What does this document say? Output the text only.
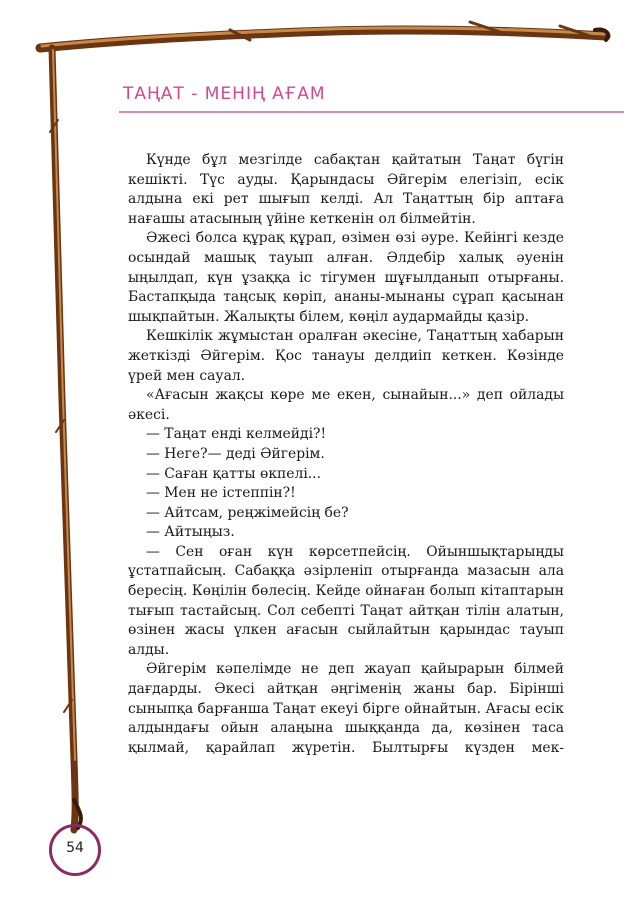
ТАҢАТ - МЕНІҢ АҒАМ

Күнде бұл мезгілде сабақтан қайтатын Таңат бүгін кешікті. Түс ауды. Қарындасы Әйгерім елегізіп, есік алдына екі рет шығып келді. Ал Таңаттың бір аптаға нағашы атасының үйіне кеткенін ол білмейтін.

Әжесі болса құрақ құрап, өзімен өзі әуре. Кейінгі кезде осындай машық тауып алған. Әлдебір халық әуенін ыңылдап, күн ұзаққа іс тігумен шұғылданып отырғаны. Бастапқыда таңсық көріп, ананы-мынаны сұрап қасынан шықпайтын. Жалықты білем, көңіл аудармайды қазір.

Кешкілік жұмыстан оралған әкесіне, Таңаттың хабарын жеткізді Әйгерім. Қос танауы делдиіп кеткен. Көзінде үрей мен сауал.

«Ағасын жақсы көре ме екен, сынайын...» деп ойлады әкесі.

— Таңат енді келмейді?!

— Неге?— деді Әйгерім.

— Саған қатты өкпелі...

— Мен не істеппін?!

— Айтсам, реңжімейсің бе?

— Айтыңыз.

— Сен оған күн көрсетпейсің. Ойыншықтарыңды ұстатпайсың. Сабаққа әзірленіп отырғанда мазасын ала бересің. Көңілін бөлесің. Кейде ойнаған болып кітаптарын тығып тастайсың. Сол себепті Таңат айтқан тілін алатын, өзінен жасы үлкен ағасын сыйлайтын қарындас тауып алды.

Әйгерім кәпелімде не деп жауап қайырарын білмей дағдарды. Әкесі айтқан әңгіменің жаны бар. Бірінші сыныпқа барғанша Таңат екеуі бірге ойнайтын. Ағасы есік алдындағы ойын алаңына шыққанда да, көзінен таса қылмай, қарайлап жүретін. Былтырғы күзден мек-

54
